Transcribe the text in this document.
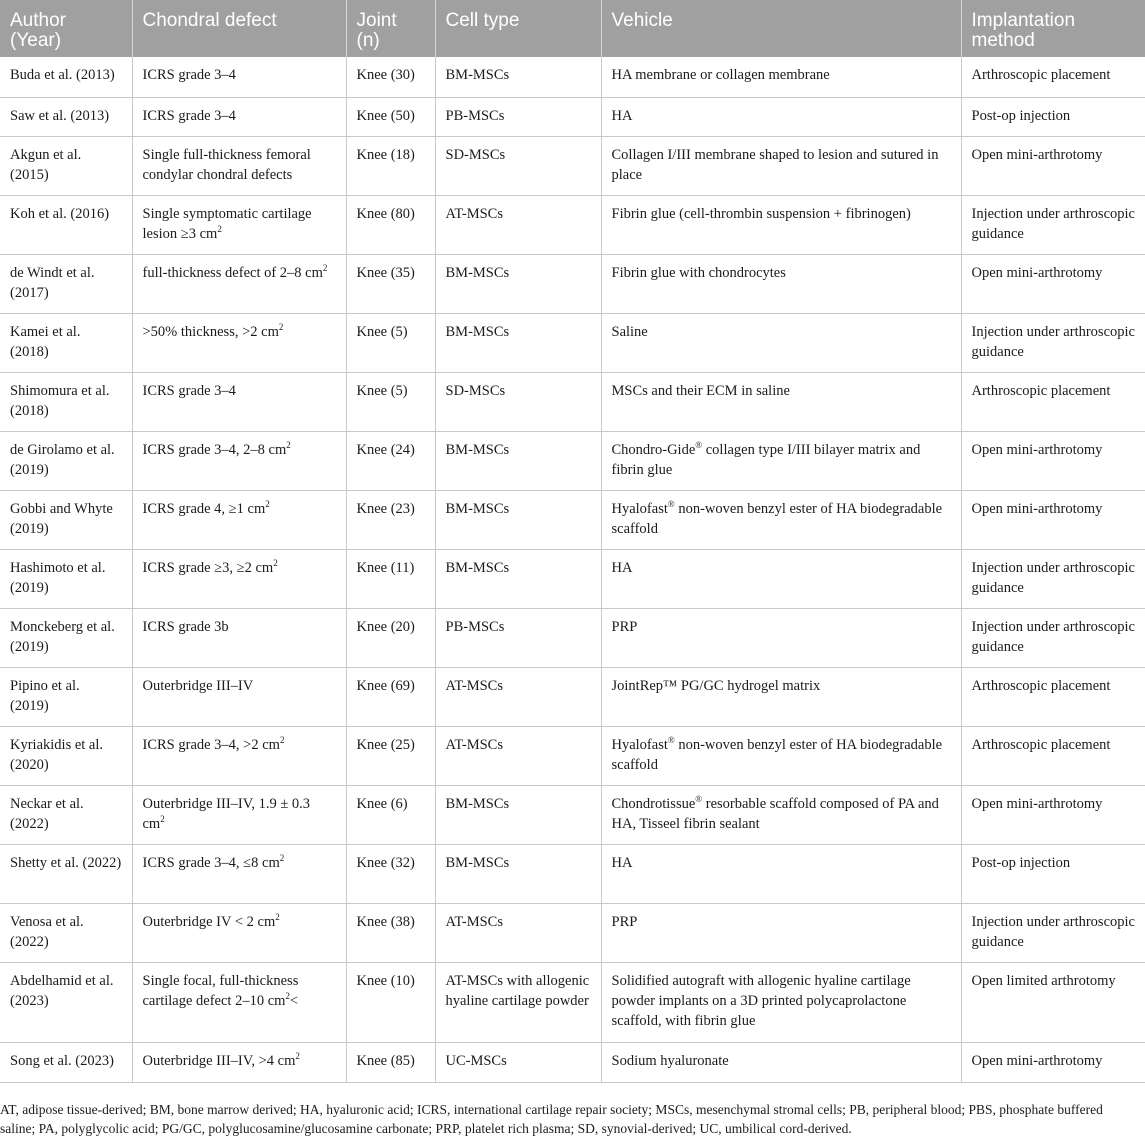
Author (Year)	Chondral defect	Joint (n)	Cell type	Vehicle	Implantation method
Buda et al. (2013)	ICRS grade 3–4	Knee (30)	BM-MSCs	HA membrane or collagen membrane	Arthroscopic placement
Saw et al. (2013)	ICRS grade 3–4	Knee (50)	PB-MSCs	HA	Post-op injection
Akgun et al. (2015)	Single full-thickness femoral condylar chondral defects	Knee (18)	SD-MSCs	Collagen I/III membrane shaped to lesion and sutured in place	Open mini-arthrotomy
Koh et al. (2016)	Single symptomatic cartilage lesion ≥3 $cm^2$	Knee (80)	AT-MSCs	Fibrin glue (cell-thrombin suspension + fibrinogen)	Injection under arthroscopic guidance
de Windt et al. (2017)	full-thickness defect of 2–8 $cm^2$	Knee (35)	BM-MSCs	Fibrin glue with chondrocytes	Open mini-arthrotomy
Kamei et al. (2018)	>50% thickness, >2 $cm^2$	Knee (5)	BM-MSCs	Saline	Injection under arthroscopic guidance
Shimomura et al. (2018)	ICRS grade 3–4	Knee (5)	SD-MSCs	MSCs and their ECM in saline	Arthroscopic placement
de Girolamo et al. (2019)	ICRS grade 3–4, 2–8 $cm^2$	Knee (24)	BM-MSCs	Chondro-Gide® collagen type I/III bilayer matrix and fibrin glue	Open mini-arthrotomy
Gobbi and Whyte (2019)	ICRS grade 4, ≥1 $cm^2$	Knee (23)	BM-MSCs	Hyalofast® non-woven benzyl ester of HA biodegradable scaffold	Open mini-arthrotomy
Hashimoto et al. (2019)	ICRS grade ≥3, ≥2 $cm^2$	Knee (11)	BM-MSCs	HA	Injection under arthroscopic guidance
Monckeberg et al. (2019)	ICRS grade 3b	Knee (20)	PB-MSCs	PRP	Injection under arthroscopic guidance
Pipino et al. (2019)	Outerbridge III–IV	Knee (69)	AT-MSCs	JointRep™ PG/GC hydrogel matrix	Arthroscopic placement
Kyriakidis et al. (2020)	ICRS grade 3–4, >2 $cm^2$	Knee (25)	AT-MSCs	Hyalofast® non-woven benzyl ester of HA biodegradable scaffold	Arthroscopic placement
Neckar et al. (2022)	Outerbridge III–IV, 1.9 ± 0.3 $cm^2$	Knee (6)	BM-MSCs	Chondrotissue® resorbable scaffold composed of PA and HA, Tisseel fibrin sealant	Open mini-arthrotomy
Shetty et al. (2022)	ICRS grade 3–4, ≤8 $cm^2$	Knee (32)	BM-MSCs	HA	Post-op injection
Venosa et al. (2022)	Outerbridge IV < 2 $cm^2$	Knee (38)	AT-MSCs	PRP	Injection under arthroscopic guidance
Abdelhamid et al. (2023)	Single focal, full-thickness cartilage defect 2–10 $cm^2<$	Knee (10)	AT-MSCs with allogenic hyaline cartilage powder	Solidified autograft with allogenic hyaline cartilage powder implants on a 3D printed polycaprolactone scaffold, with fibrin glue	Open limited arthrotomy
Song et al. (2023)	Outerbridge III–IV, >4 $cm^2$	Knee (85)	UC-MSCs	Sodium hyaluronate	Open mini-arthrotomy
AT, adipose tissue-derived; BM, bone marrow derived; HA, hyaluronic acid; ICRS, international cartilage repair society; MSCs, mesenchymal stromal cells; PB, peripheral blood; PBS, phosphate buffered saline; PA, polyglycolic acid; PG/GC, polyglucosamine/glucosamine carbonate; PRP, platelet rich plasma; SD, synovial-derived; UC, umbilical cord-derived.
